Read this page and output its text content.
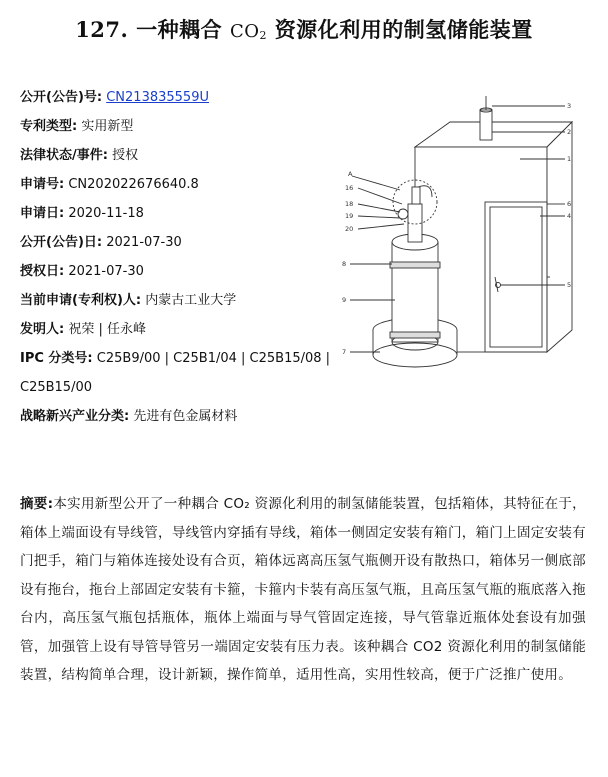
127. 一种耦合 CO2 资源化利用的制氢储能装置
公开(公告)号: CN213835559U
专利类型: 实用新型
法律状态/事件: 授权
申请号: CN202022676640.8
申请日: 2020-11-18
公开(公告)日: 2021-07-30
授权日: 2021-07-30
当前申请(专利权)人: 内蒙古工业大学
发明人: 祝荣 | 任永峰
IPC 分类号: C25B9/00 | C25B1/04 | C25B15/08 | C25B15/00
战略新兴产业分类: 先进有色金属材料
3
2
1
A
16
18
19
20
6
4
8
5
9
7
摘要:本实用新型公开了一种耦合 CO₂ 资源化利用的制氢储能装置，包括箱体，其特征在于，箱体上端面设有导线管，导线管内穿插有导线，箱体一侧固定安装有箱门，箱门上固定安装有门把手，箱门与箱体连接处设有合页，箱体远离高压氢气瓶侧开设有散热口，箱体另一侧底部设有拖台，拖台上部固定安装有卡箍，卡箍内卡装有高压氢气瓶，且高压氢气瓶的瓶底落入拖台内，高压氢气瓶包括瓶体，瓶体上端面与导气管固定连接，导气管靠近瓶体处套设有加强管，加强管上设有导管导管另一端固定安装有压力表。该种耦合 CO2 资源化利用的制氢储能装置，结构简单合理，设计新颖，操作简单，适用性高，实用性较高，便于广泛推广使用。
